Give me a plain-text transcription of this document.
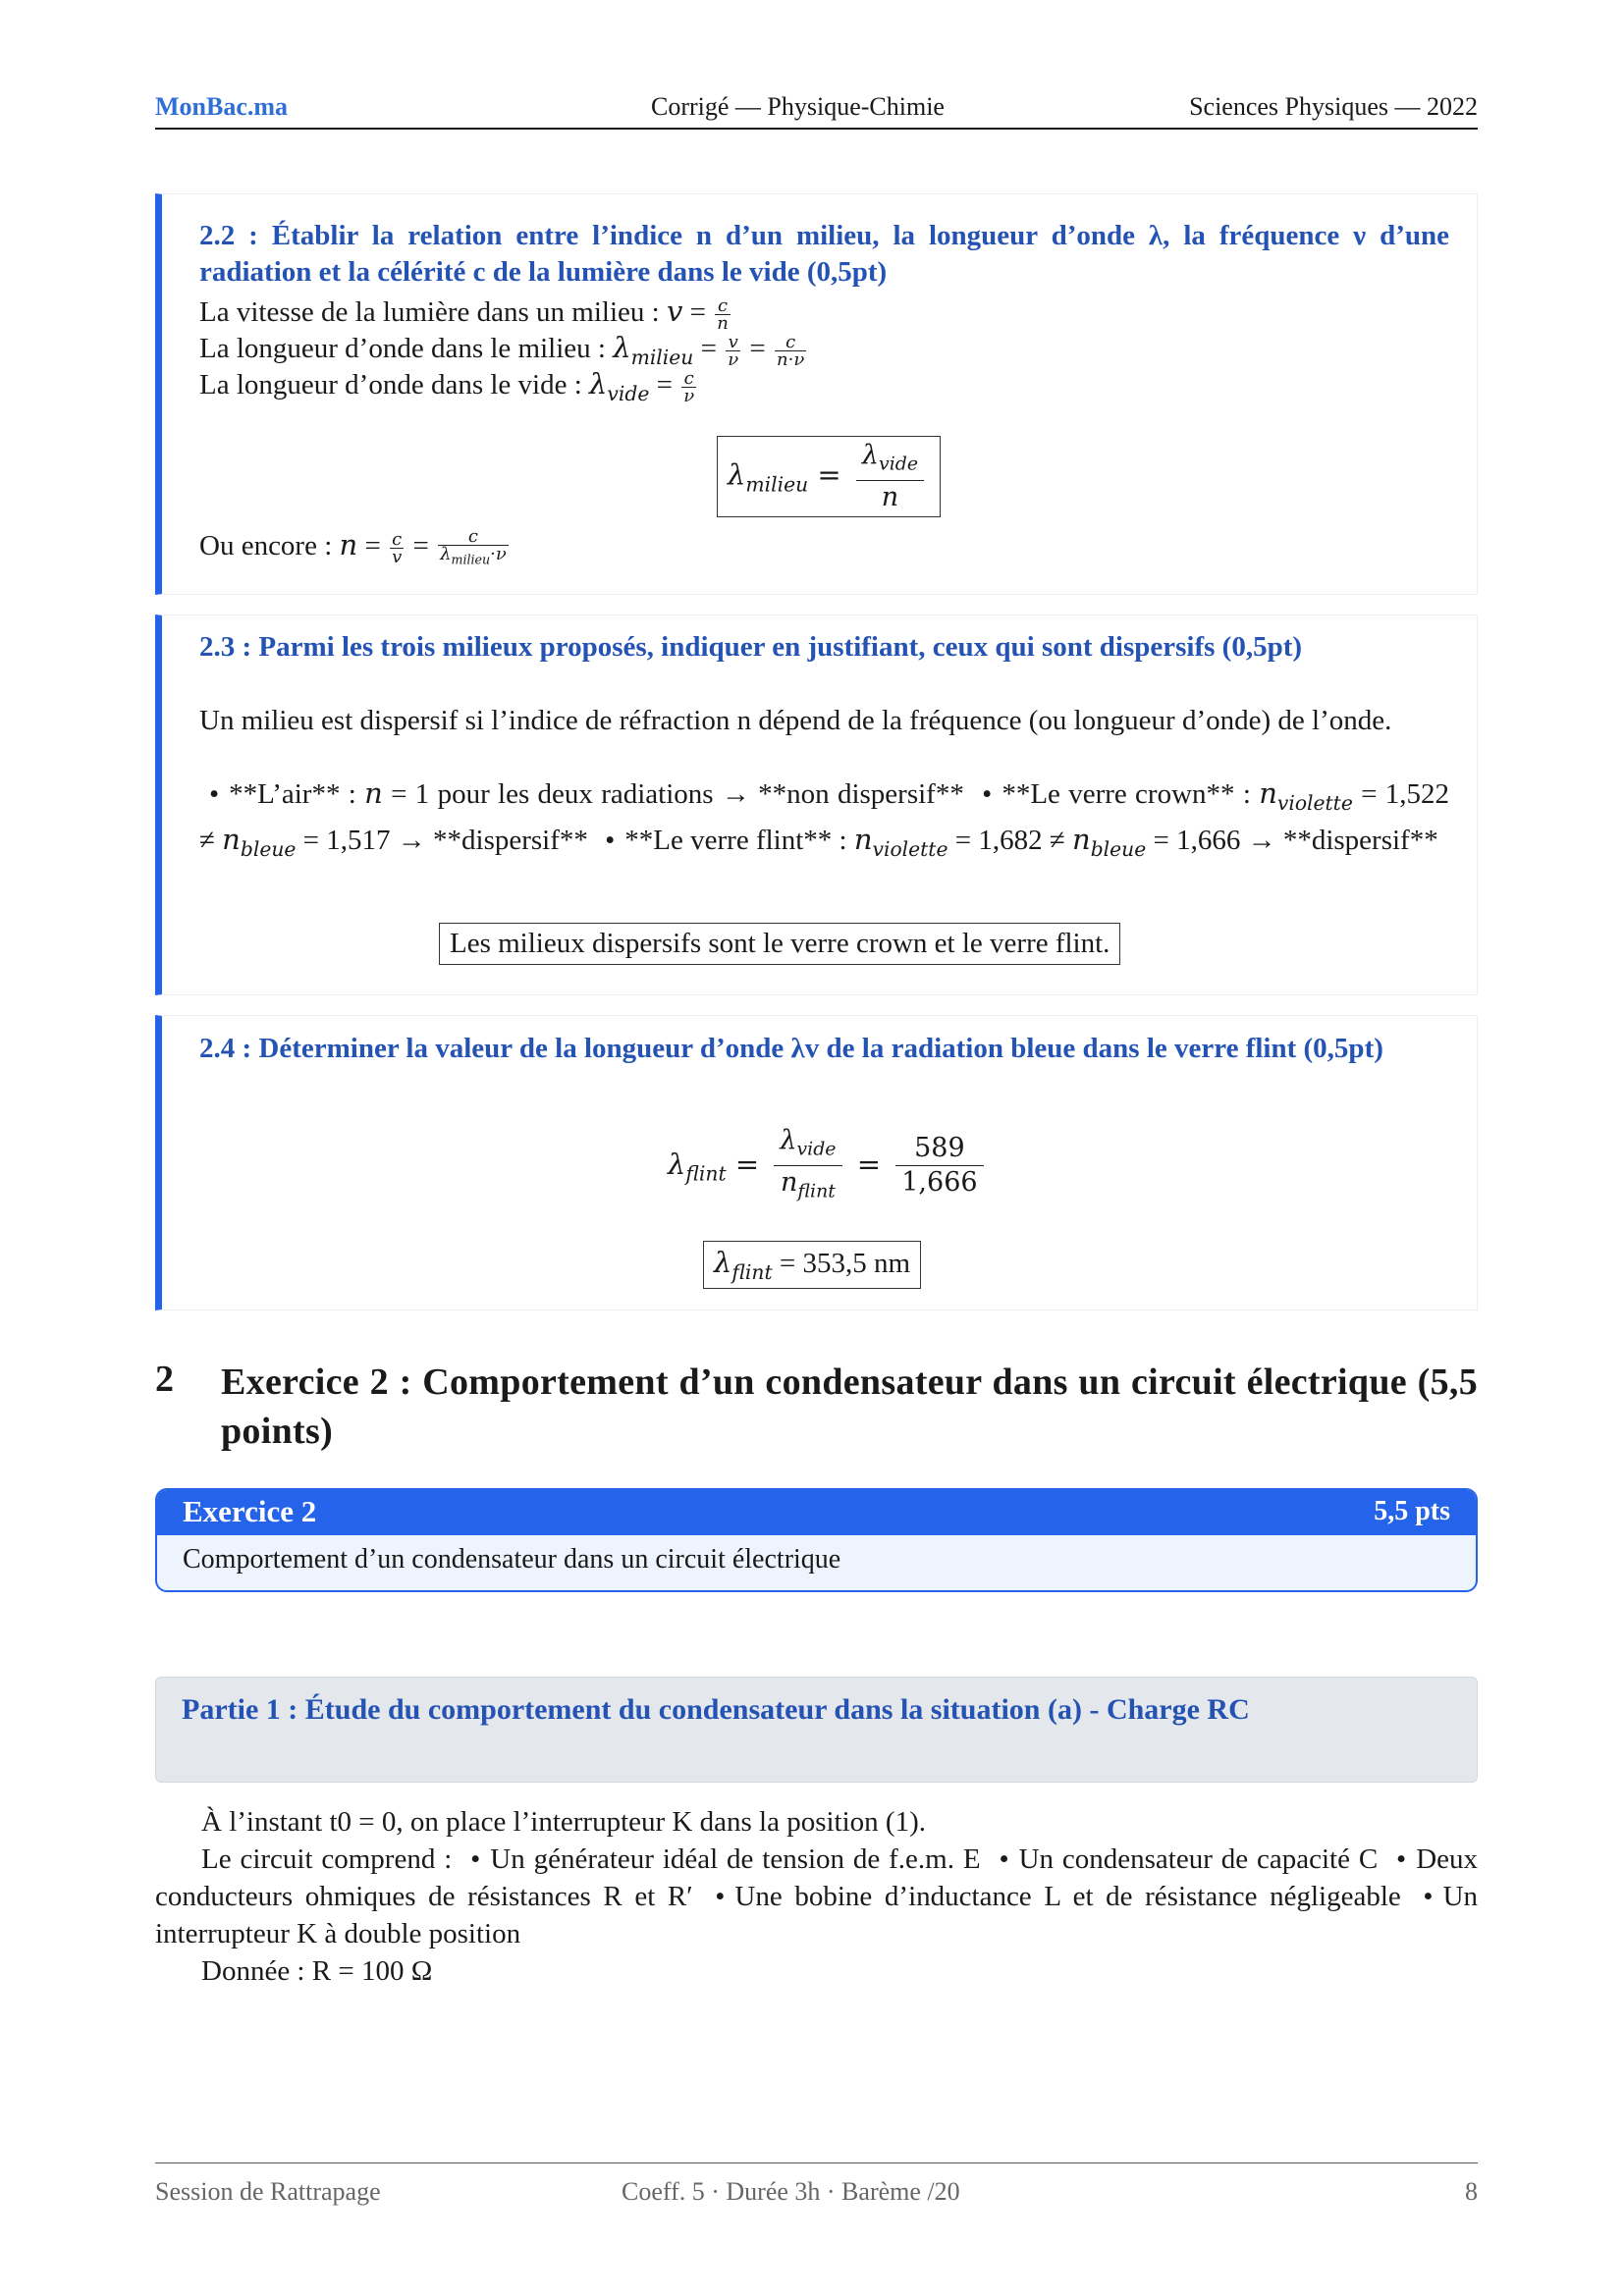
MonBac.ma	Corrigé — Physique-Chimie	Sciences Physiques — 2022
2.2 : Établir la relation entre l’indice n d’un milieu, la longueur d’onde λ, la fréquence ν d’une radiation et la célérité c de la lumière dans le vide (0,5pt)
La vitesse de la lumière dans un milieu : $v = \frac{c}{n}$
La longueur d’onde dans le milieu : $\lambda_{milieu} = \frac{v}{\nu} = \frac{c}{n\cdot\nu}$
La longueur d’onde dans le vide : $\lambda_{vide} = \frac{c}{\nu}$
$\lambda_{milieu} = \frac{\lambda_{vide}}{n}$
Ou encore : $n = \frac{c}{v} = \frac{c}{\lambda_{milieu}\cdot\nu}$
2.3 : Parmi les trois milieux proposés, indiquer en justifiant, ceux qui sont dispersifs (0,5pt)
Un milieu est dispersif si l’indice de réfraction n dépend de la fréquence (ou longueur d’onde) de l’onde.
• **L’air** : n = 1 pour les deux radiations → **non dispersif** • **Le verre crown** : $n_{violette} = 1,522 \ne n_{bleue} = 1,517$ → **dispersif** • **Le verre flint** : $n_{violette} = 1,682 \ne n_{bleue} = 1,666$ → **dispersif**
Les milieux dispersifs sont le verre crown et le verre flint.
2.4 : Déterminer la valeur de la longueur d’onde λv de la radiation bleue dans le verre flint (0,5pt)
$\lambda_{flint} = \frac{\lambda_{vide}}{n_{flint}} = \frac{589}{1,666}$
$\lambda_{flint} = 353,5$ nm
2 Exercice 2 : Comportement d’un condensateur dans un circuit électrique (5,5 points)
Exercice 2	5,5 pts
Comportement d’un condensateur dans un circuit électrique
Partie 1 : Étude du comportement du condensateur dans la situation (a) - Charge RC
À l’instant t0 = 0, on place l’interrupteur K dans la position (1).
Le circuit comprend : • Un générateur idéal de tension de f.e.m. E • Un condensateur de capacité C • Deux conducteurs ohmiques de résistances R et R′ • Une bobine d’inductance L et de résistance négligeable • Un interrupteur K à double position
Donnée : R = 100 Ω
Session de Rattrapage	Coeff. 5 · Durée 3h · Barème /20	8
